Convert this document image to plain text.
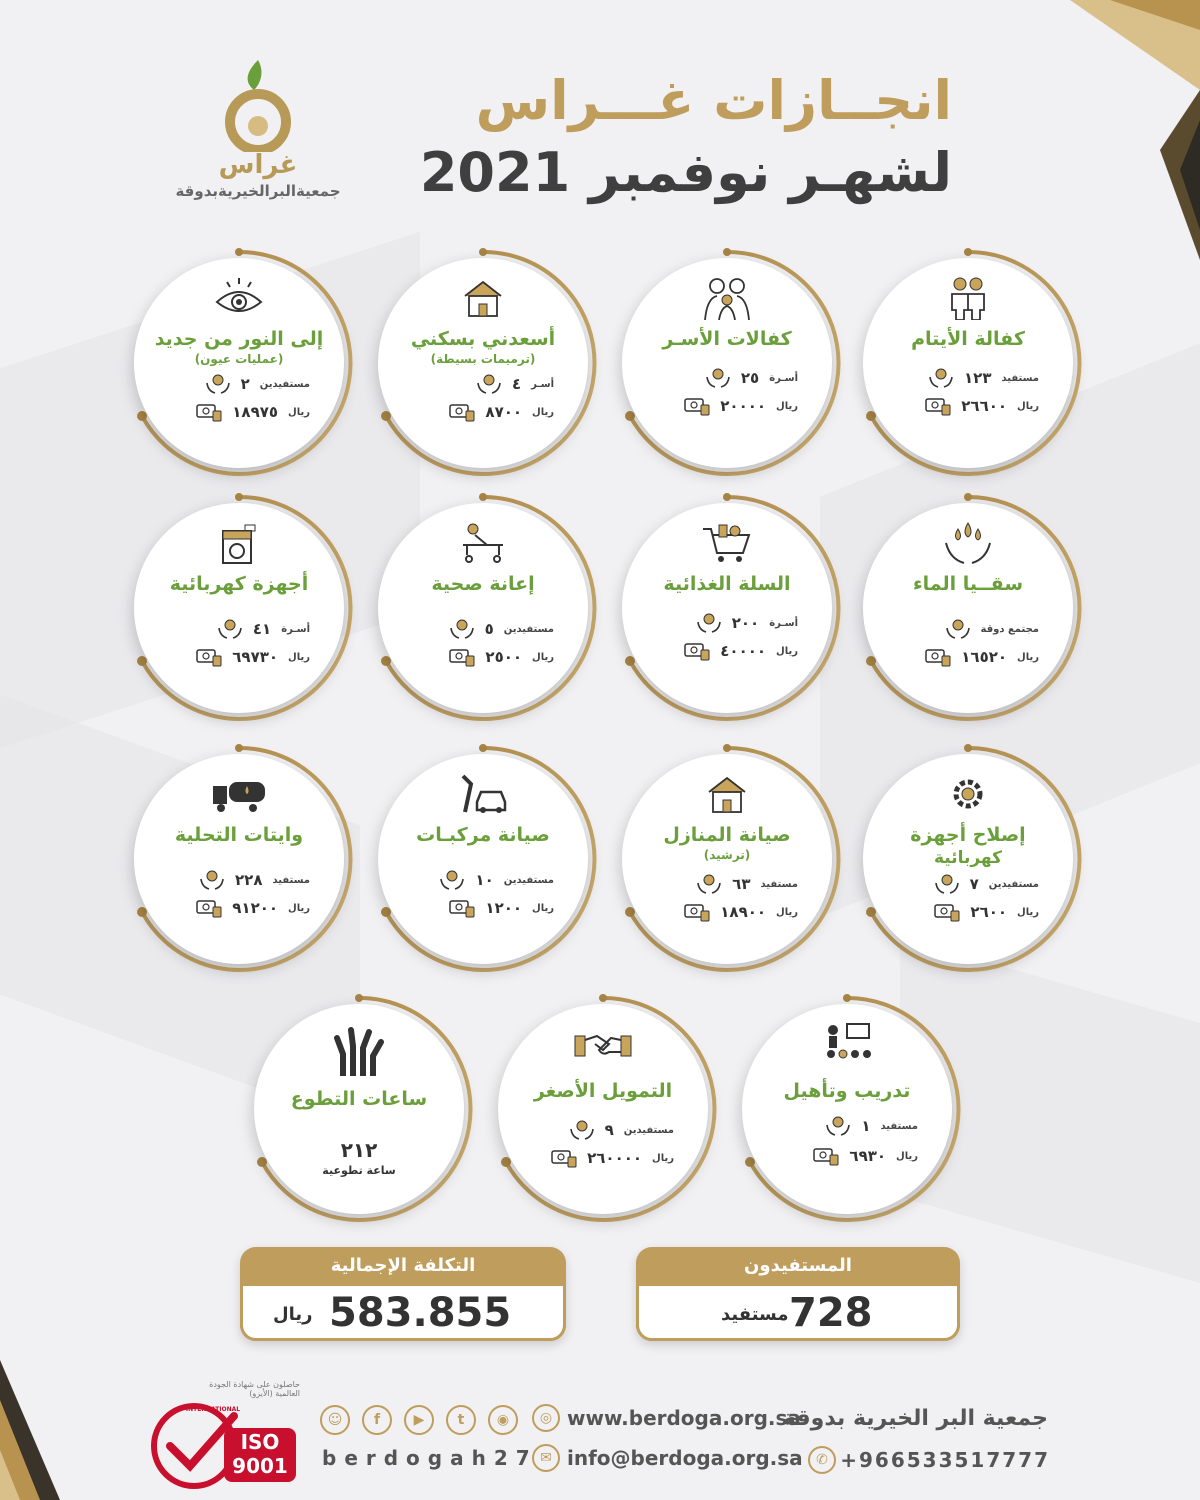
غراس
جمعيةالبرالخيريةبدوقة
انجــازات غـــراس
لشهـر نوفمبر 2021
كفالة الأيتام
١٢٣ مستفيد
٢٦٦٠٠ ريال
كفالات الأسـر
٢٥ أسـرة
٢٠٠٠٠ ريال
أسعدني بسكني
(ترميمات بسيطة)
٤ أسـر
٨٧٠٠ ريال
إلى النور من جديد
(عمليات عيون)
٢ مستفيدين
١٨٩٧٥ ريال
سقــيا الماء
مجتمع دوقة
١٦٥٢٠ ريال
السلة الغذائية
٢٠٠ أسـرة
٤٠٠٠٠ ريال
إعانة صحية
٥ مستفيدين
٢٥٠٠ ريال
أجهزة كهربائية
٤١ أسـرة
٦٩٧٣٠ ريال
إصلاح أجهزة
كهربائية
٧ مستفيدين
٢٦٠٠ ريال
صيانة المنازل
(ترشيد)
٦٣ مستفيد
١٨٩٠٠ ريال
صيانة مركبـات
١٠ مستفيدين
١٢٠٠ ريال
وايتات التحلية
٢٢٨ مستفيد
٩١٢٠٠ ريال
تدريب وتأهيل
١ مستفيد
٦٩٣٠ ريال
التمويل الأصغر
٩ مستفيدين
٢٦٠٠٠٠ ريال
ساعات التطوع
٢١٢
ساعة تطوعية
المستفيدون
728
مستفيد
التكلفة الإجمالية
583.855
ريال
جمعية البر الخيرية بدوقة
+966533517777
✆
www.berdoga.org.sa
◎
info@berdoga.org.sa
✉
berdogah27
☺	f	▶	t	◉
حاصلون على شهادة الجودة العالمية (الأيزو)
INTERNATIONAL
ISO
9001
